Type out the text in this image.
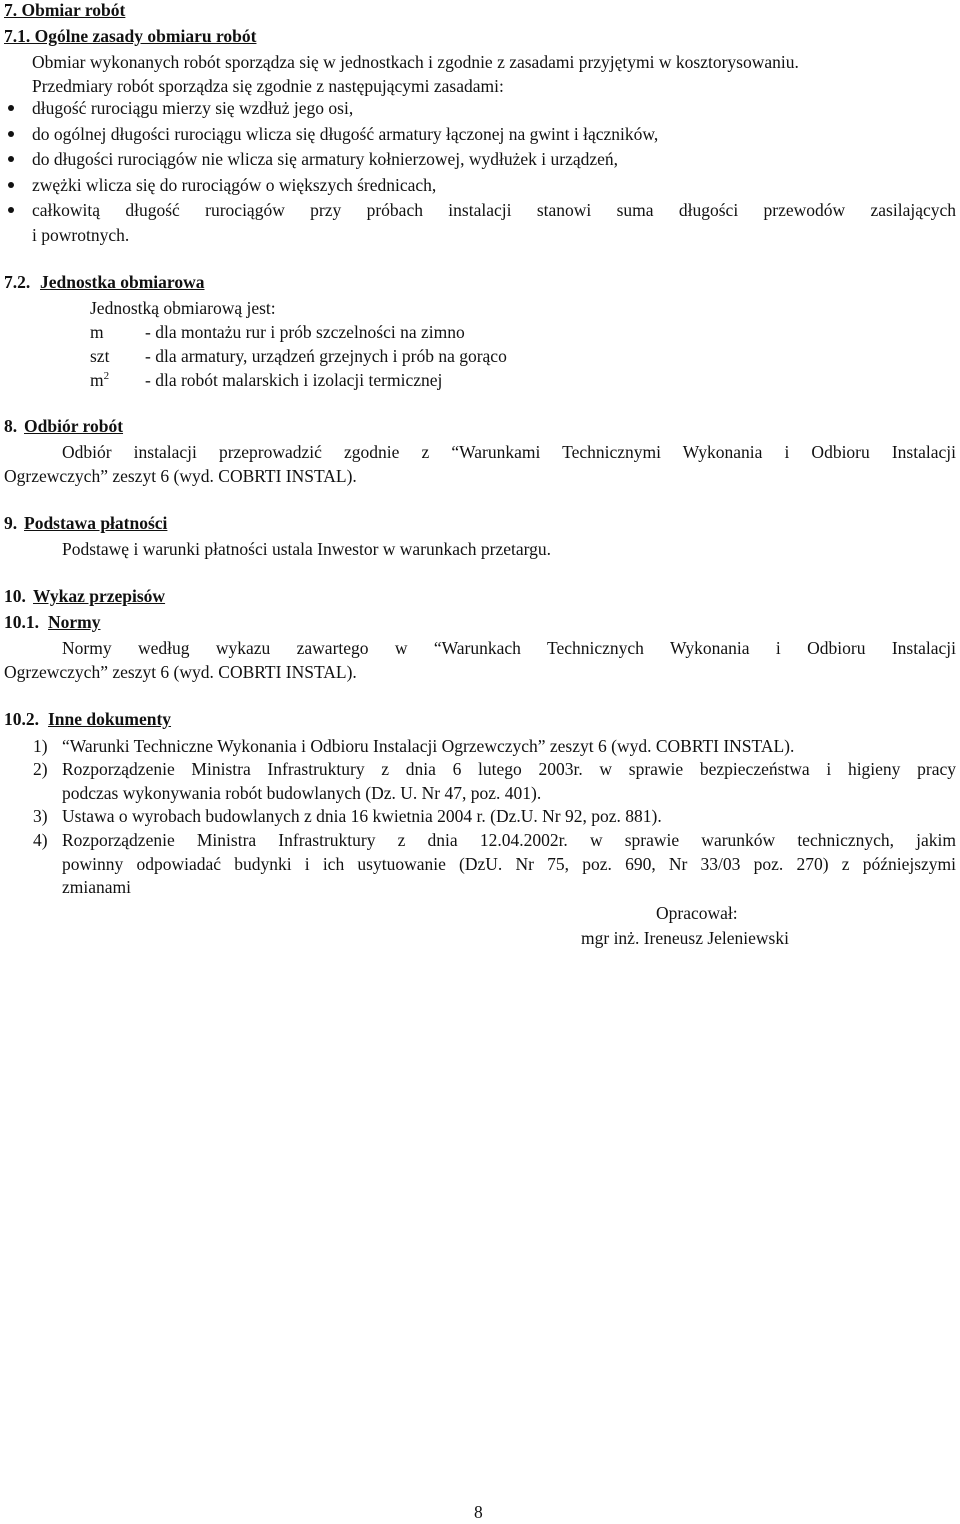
7. Obmiar robót
7.1. Ogólne zasady obmiaru robót
Obmiar wykonanych robót sporządza się w jednostkach i zgodnie z zasadami przyjętymi w kosztorysowaniu.
Przedmiary robót sporządza się zgodnie z następującymi zasadami:
długość rurociągu mierzy się wzdłuż jego osi,
do ogólnej długości rurociągu wlicza się długość armatury łączonej na gwint i łączników,
do długości rurociągów nie wlicza się armatury kołnierzowej, wydłużek i urządzeń,
zwężki wlicza się do rurociągów o większych średnicach,
całkowitą długość rurociągów przy próbach instalacji stanowi suma długości przewodów zasilających
i powrotnych.
7.2. Jednostka obmiarowa
Jednostką obmiarową jest:
m - dla montażu rur i prób szczelności na zimno
szt - dla armatury, urządzeń grzejnych i prób na gorąco
$m^2$ - dla robót malarskich i izolacji termicznej
8. Odbiór robót
Odbiór instalacji przeprowadzić zgodnie z “Warunkami Technicznymi Wykonania i Odbioru Instalacji
Ogrzewczych” zeszyt 6 (wyd. COBRTI INSTAL).
9. Podstawa płatności
Podstawę i warunki płatności ustala Inwestor w warunkach przetargu.
10. Wykaz przepisów
10.1. Normy
Normy według wykazu zawartego w “Warunkach Technicznych Wykonania i Odbioru Instalacji
Ogrzewczych” zeszyt 6 (wyd. COBRTI INSTAL).
10.2. Inne dokumenty
1) “Warunki Techniczne Wykonania i Odbioru Instalacji Ogrzewczych” zeszyt 6 (wyd. COBRTI INSTAL).
2) Rozporządzenie Ministra Infrastruktury z dnia 6 lutego 2003r. w sprawie bezpieczeństwa i higieny pracy
podczas wykonywania robót budowlanych (Dz. U. Nr 47, poz. 401).
3) Ustawa o wyrobach budowlanych z dnia 16 kwietnia 2004 r. (Dz.U. Nr 92, poz. 881).
4) Rozporządzenie Ministra Infrastruktury z dnia 12.04.2002r. w sprawie warunków technicznych, jakim
powinny odpowiadać budynki i ich usytuowanie (DzU. Nr 75, poz. 690, Nr 33/03 poz. 270) z późniejszymi
zmianami
Opracował:
mgr inż. Ireneusz Jeleniewski
8
